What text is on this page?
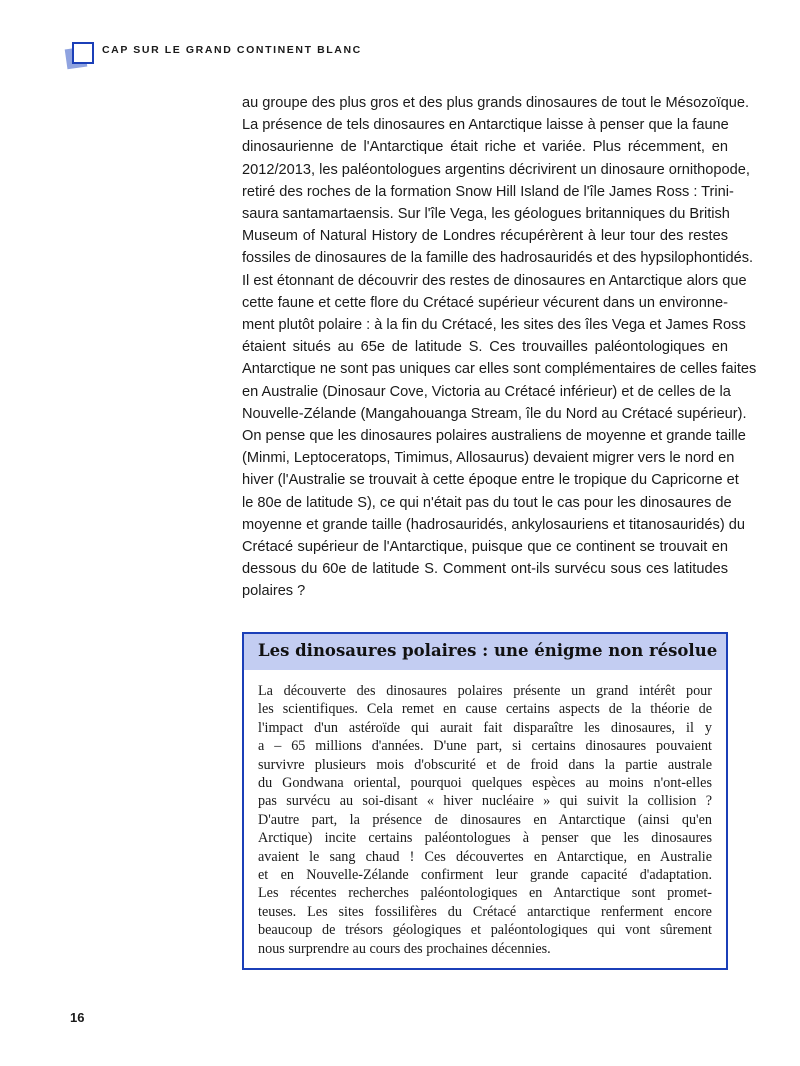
CAP SUR LE GRAND CONTINENT BLANC

au groupe des plus gros et des plus grands dinosaures de tout le Mésozoïque.
La présence de tels dinosaures en Antarctique laisse à penser que la faune
dinosaurienne de l'Antarctique était riche et variée. Plus récemment, en
2012/2013, les paléontologues argentins décrivirent un dinosaure ornithopode,
retiré des roches de la formation Snow Hill Island de l'île James Ross : Trini-
saura santamartaensis. Sur l'île Vega, les géologues britanniques du British
Museum of Natural History de Londres récupérèrent à leur tour des restes
fossiles de dinosaures de la famille des hadrosauridés et des hypsilophontidés.
Il est étonnant de découvrir des restes de dinosaures en Antarctique alors que
cette faune et cette flore du Crétacé supérieur vécurent dans un environne-
ment plutôt polaire : à la fin du Crétacé, les sites des îles Vega et James Ross
étaient situés au 65e de latitude S. Ces trouvailles paléontologiques en
Antarctique ne sont pas uniques car elles sont complémentaires de celles faites
en Australie (Dinosaur Cove, Victoria au Crétacé inférieur) et de celles de la
Nouvelle-Zélande (Mangahouanga Stream, île du Nord au Crétacé supérieur).
On pense que les dinosaures polaires australiens de moyenne et grande taille
(Minmi, Leptoceratops, Timimus, Allosaurus) devaient migrer vers le nord en
hiver (l'Australie se trouvait à cette époque entre le tropique du Capricorne et
le 80e de latitude S), ce qui n'était pas du tout le cas pour les dinosaures de
moyenne et grande taille (hadrosauridés, ankylosauriens et titanosauridés) du
Crétacé supérieur de l'Antarctique, puisque que ce continent se trouvait en
dessous du 60e de latitude S. Comment ont-ils survécu sous ces latitudes
polaires ?

Les dinosaures polaires : une énigme non résolue

La découverte des dinosaures polaires présente un grand intérêt pour
les scientifiques. Cela remet en cause certains aspects de la théorie de
l'impact d'un astéroïde qui aurait fait disparaître les dinosaures, il y
a – 65 millions d'années. D'une part, si certains dinosaures pouvaient
survivre plusieurs mois d'obscurité et de froid dans la partie australe
du Gondwana oriental, pourquoi quelques espèces au moins n'ont-elles
pas survécu au soi-disant « hiver nucléaire » qui suivit la collision ?
D'autre part, la présence de dinosaures en Antarctique (ainsi qu'en
Arctique) incite certains paléontologues à penser que les dinosaures
avaient le sang chaud ! Ces découvertes en Antarctique, en Australie
et en Nouvelle-Zélande confirment leur grande capacité d'adaptation.
Les récentes recherches paléontologiques en Antarctique sont promet-
teuses. Les sites fossilifères du Crétacé antarctique renferment encore
beaucoup de trésors géologiques et paléontologiques qui vont sûrement
nous surprendre au cours des prochaines décennies.

16
